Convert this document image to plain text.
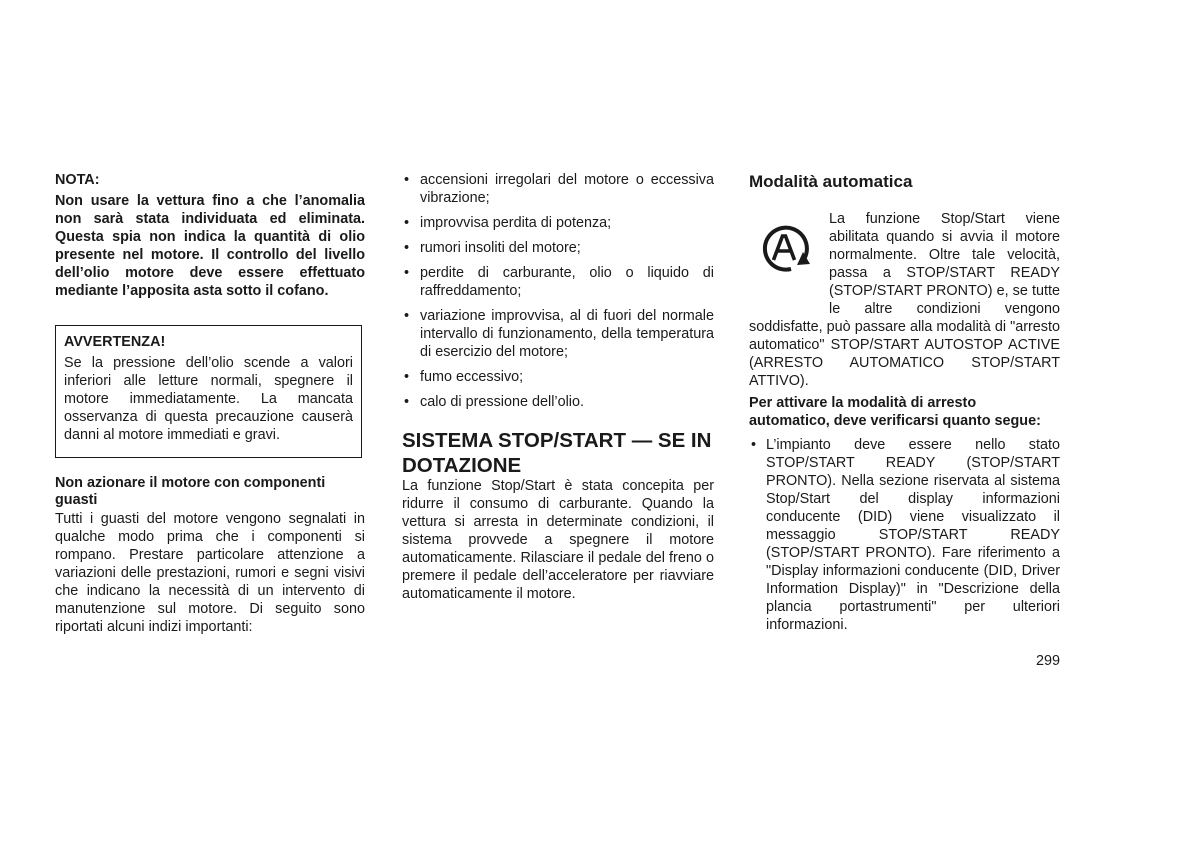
NOTA:
Non usare la vettura fino a che l’anomalia non sarà stata individuata ed eliminata. Questa spia non indica la quantità di olio presente nel motore. Il controllo del livello dell’olio motore deve essere effettuato mediante l’apposita asta sotto il cofano.
AVVERTENZA!
Se la pressione dell’olio scende a valori inferiori alle letture normali, spegnere il motore immediatamente. La mancata osservanza di questa precauzione causerà danni al motore immediati e gravi.
Non azionare il motore con componenti guasti
Tutti i guasti del motore vengono segnalati in qualche modo prima che i componenti si rompano. Prestare particolare attenzione a variazioni delle prestazioni, rumori e segni visivi che indicano la necessità di un intervento di manutenzione sul motore. Di seguito sono riportati alcuni indizi importanti:
• accensioni irregolari del motore o eccessiva vibrazione;
• improvvisa perdita di potenza;
• rumori insoliti del motore;
• perdite di carburante, olio o liquido di raffreddamento;
• variazione improvvisa, al di fuori del normale intervallo di funzionamento, della temperatura di esercizio del motore;
• fumo eccessivo;
• calo di pressione dell’olio.
SISTEMA STOP/START — SE IN DOTAZIONE
La funzione Stop/Start è stata concepita per ridurre il consumo di carburante. Quando la vettura si arresta in determinate condizioni, il sistema provvede a spegnere il motore automaticamente. Rilasciare il pedale del freno o premere il pedale dell’acceleratore per riavviare automaticamente il motore.
Modalità automatica
La funzione Stop/Start viene abilitata quando si avvia il motore normalmente. Oltre tale velocità, passa a STOP/START READY (STOP/START PRONTO) e, se tutte le altre condizioni vengono soddisfatte, può passare alla modalità di "arresto automatico" STOP/START AUTOSTOP ACTIVE (ARRESTO AUTOMATICO STOP/START ATTIVO).
Per attivare la modalità di arresto automatico, deve verificarsi quanto segue:
• L’impianto deve essere nello stato STOP/START READY (STOP/START PRONTO). Nella sezione riservata al sistema Stop/Start del display informazioni conducente (DID) viene visualizzato il messaggio STOP/START READY (STOP/START PRONTO). Fare riferimento a "Display informazioni conducente (DID, Driver Information Display)" in "Descrizione della plancia portastrumenti" per ulteriori informazioni.
299
